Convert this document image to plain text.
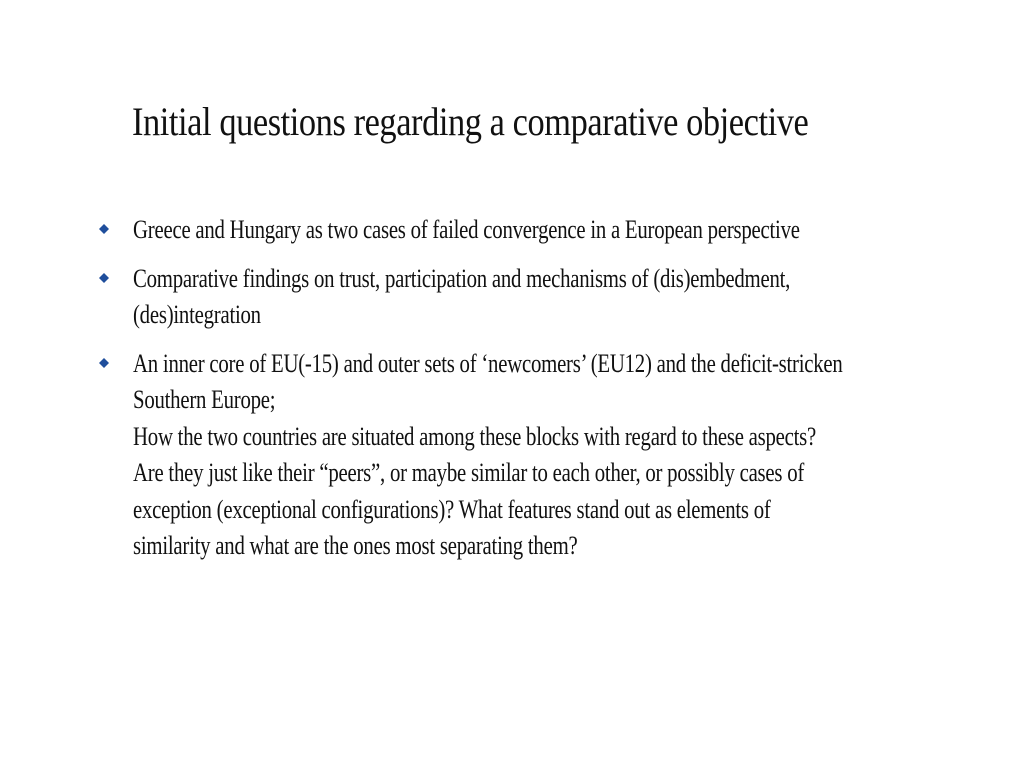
Initial questions regarding a comparative objective
Greece and Hungary as two cases of failed convergence in a European perspective
Comparative findings on trust, participation and mechanisms of (dis)embedment,
(des)integration
An inner core of EU(-15) and outer sets of ‘newcomers’ (EU12) and the deficit-stricken
Southern Europe;
How the two countries are situated among these blocks with regard to these aspects?
Are they just like their “peers”, or maybe similar to each other, or possibly cases of
exception (exceptional configurations)? What features stand out as elements of
similarity and what are the ones most separating them?
